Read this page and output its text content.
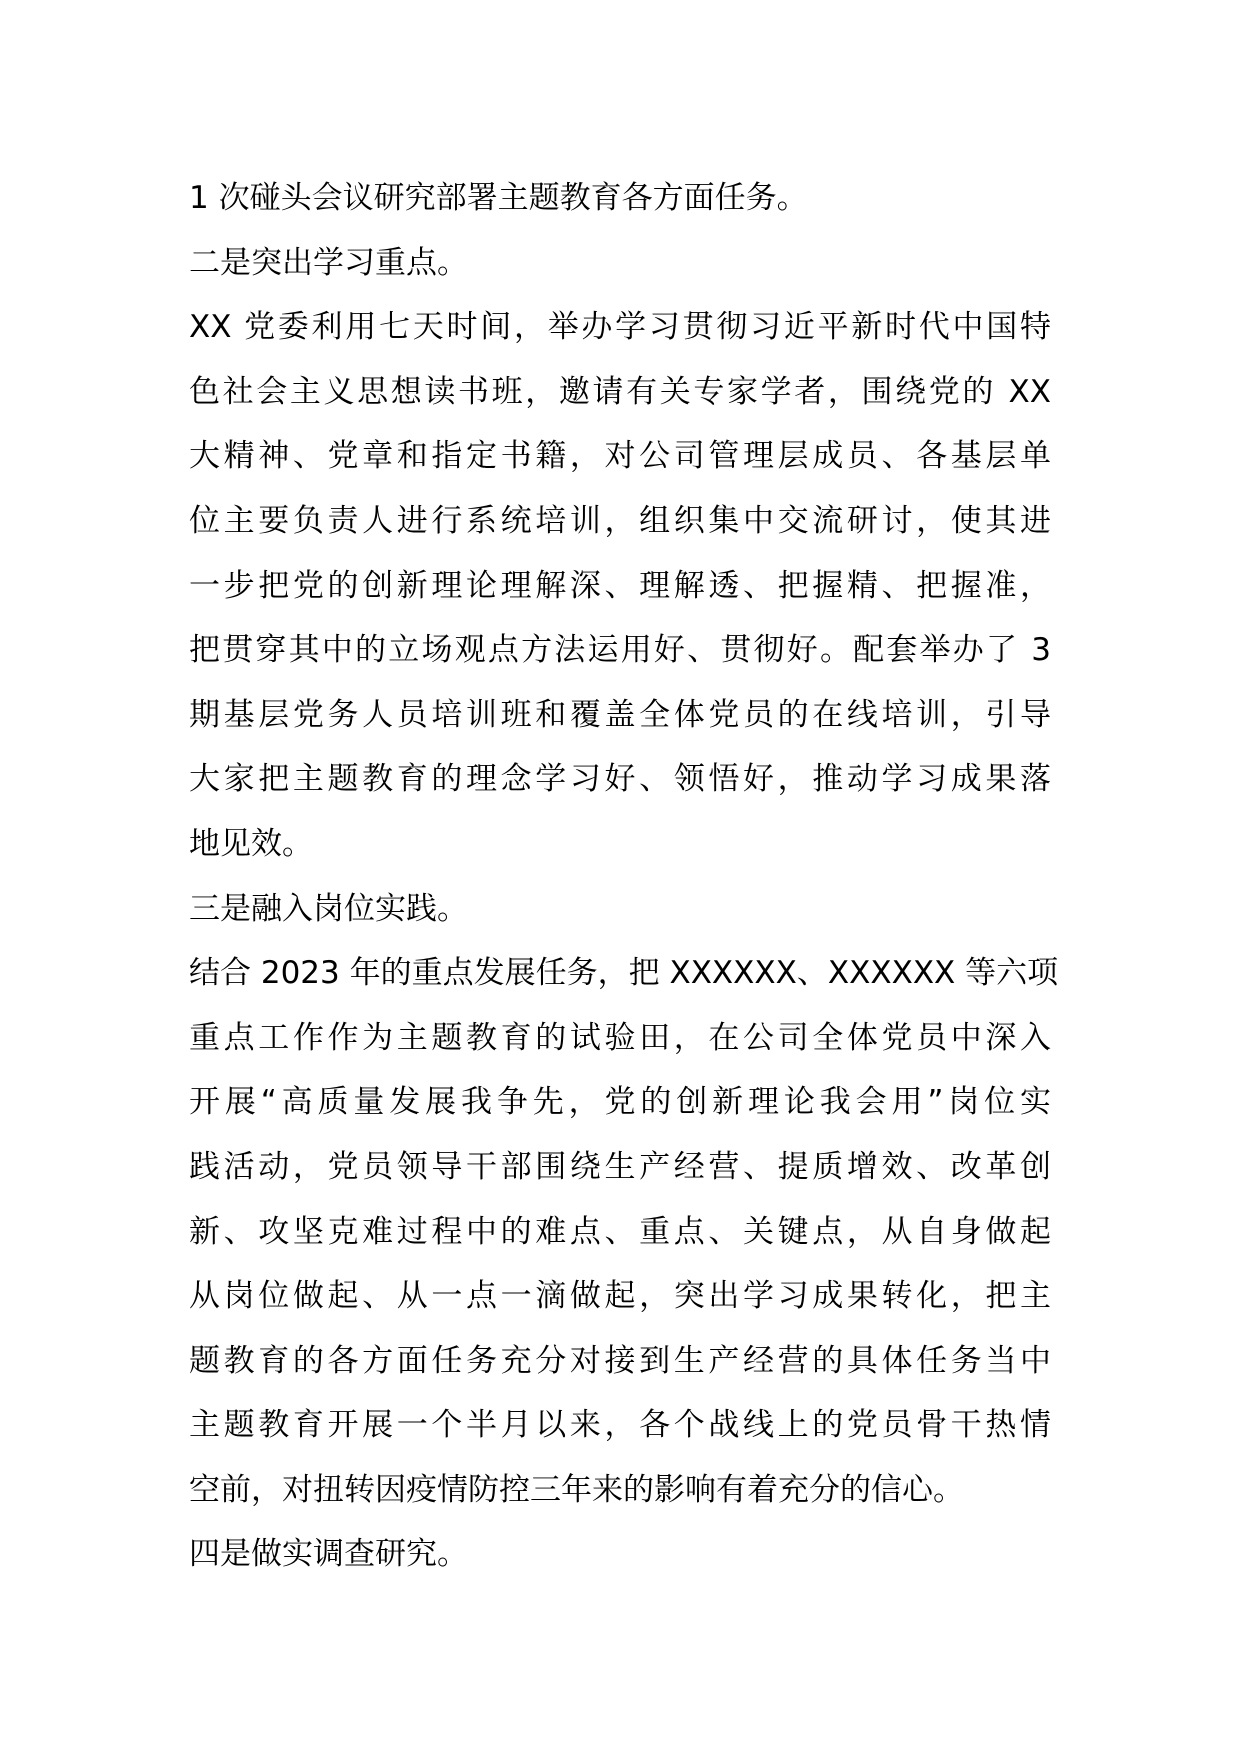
1 次碰头会议研究部署主题教育各方面任务。
二是突出学习重点。
XX 党委利用七天时间，举办学习贯彻习近平新时代中国特
色社会主义思想读书班，邀请有关专家学者，围绕党的 XX
大精神、党章和指定书籍，对公司管理层成员、各基层单
位主要负责人进行系统培训，组织集中交流研讨，使其进
一步把党的创新理论理解深、理解透、把握精、把握准，
把贯穿其中的立场观点方法运用好、贯彻好。配套举办了 3
期基层党务人员培训班和覆盖全体党员的在线培训，引导
大家把主题教育的理念学习好、领悟好，推动学习成果落
地见效。
三是融入岗位实践。
结合 2023 年的重点发展任务，把 XXXXXX、XXXXXX 等六项
重点工作作为主题教育的试验田，在公司全体党员中深入
开展“高质量发展我争先，党的创新理论我会用”岗位实
践活动，党员领导干部围绕生产经营、提质增效、改革创
新、攻坚克难过程中的难点、重点、关键点，从自身做起
从岗位做起、从一点一滴做起，突出学习成果转化，把主
题教育的各方面任务充分对接到生产经营的具体任务当中
主题教育开展一个半月以来，各个战线上的党员骨干热情
空前，对扭转因疫情防控三年来的影响有着充分的信心。
四是做实调查研究。
